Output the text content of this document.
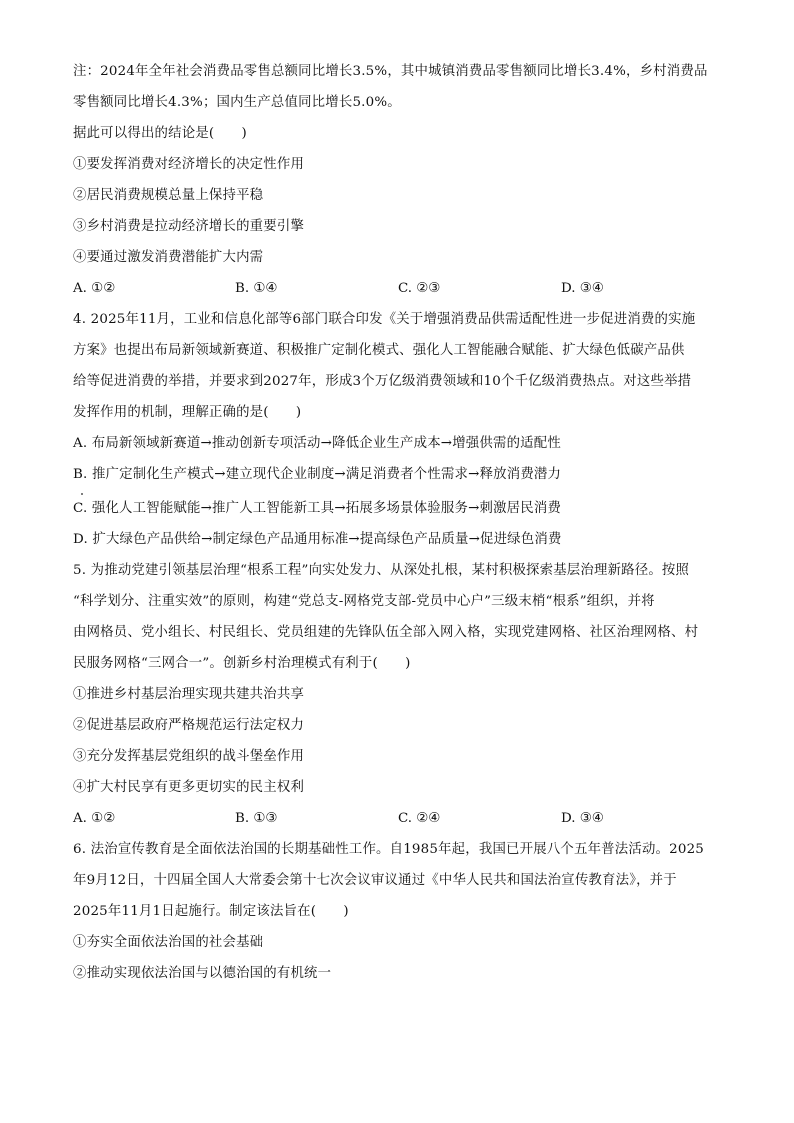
注：2024年全年社会消费品零售总额同比增长3.5%，其中城镇消费品零售额同比增长3.4%，乡村消费品
零售额同比增长4.3%；国内生产总值同比增长5.0%。
据此可以得出的结论是(　　)
①要发挥消费对经济增长的决定性作用
②居民消费规模总量上保持平稳
③乡村消费是拉动经济增长的重要引擎
④要通过激发消费潜能扩大内需
A. ①②	B. ①④	C. ②③	D. ③④
4. 2025年11月，工业和信息化部等6部门联合印发《关于增强消费品供需适配性进一步促进消费的实施
方案》也提出布局新领域新赛道、积极推广定制化模式、强化人工智能融合赋能、扩大绿色低碳产品供
给等促进消费的举措，并要求到2027年，形成3个万亿级消费领域和10个千亿级消费热点。对这些举措
发挥作用的机制，理解正确的是(　　)
A. 布局新领域新赛道→推动创新专项活动→降低企业生产成本→增强供需的适配性
B. 推广定制化生产模式→建立现代企业制度→满足消费者个性需求→释放消费潜力
C. 强化人工智能赋能→推广人工智能新工具→拓展多场景体验服务→刺激居民消费
D. 扩大绿色产品供给→制定绿色产品通用标准→提高绿色产品质量→促进绿色消费
5. 为推动党建引领基层治理“根系工程”向实处发力、从深处扎根，某村积极探索基层治理新路径。按照
“科学划分、注重实效”的原则，构建“党总支-网格党支部-党员中心户”三级末梢“根系”组织，并将
由网格员、党小组长、村民组长、党员组建的先锋队伍全部入网入格，实现党建网格、社区治理网格、村
民服务网格“三网合一”。创新乡村治理模式有利于(　　)
①推进乡村基层治理实现共建共治共享
②促进基层政府严格规范运行法定权力
③充分发挥基层党组织的战斗堡垒作用
④扩大村民享有更多更切实的民主权利
A. ①②	B. ①③	C. ②④	D. ③④
6. 法治宣传教育是全面依法治国的长期基础性工作。自1985年起，我国已开展八个五年普法活动。2025
年9月12日，十四届全国人大常委会第十七次会议审议通过《中华人民共和国法治宣传教育法》，并于
2025年11月1日起施行。制定该法旨在(　　)
①夯实全面依法治国的社会基础
②推动实现依法治国与以德治国的有机统一
